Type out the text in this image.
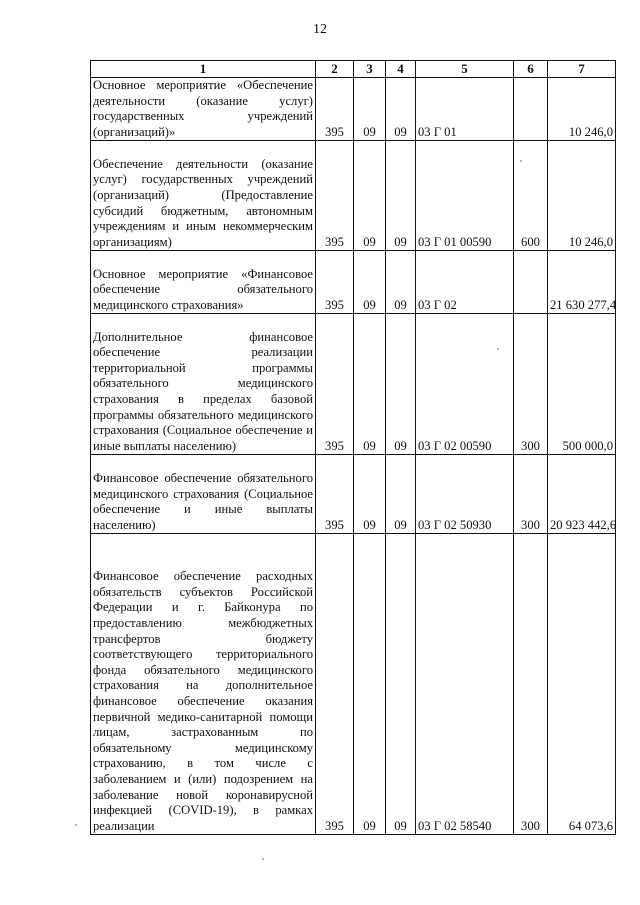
12
1	2	3	4	5	6	7
Основное мероприятие «Обеспечение деятельности (оказание услуг) государственных учреждений (организаций)»	395	09	09	03 Г 01		10 246,0
Обеспечение деятельности (оказание услуг) государственных учреждений (организаций) (Предоставление субсидий бюджетным, автономным учреждениям и иным некоммерческим организациям)	395	09	09	03 Г 01 00590	600	10 246,0
Основное мероприятие «Финансовое обеспечение обязательного медицинского страхования»	395	09	09	03 Г 02		21 630 277,4
Дополнительное финансовое обеспечение реализации территориальной программы обязательного медицинского страхования в пределах базовой программы обязательного медицинского страхования (Социальное обеспечение и иные выплаты населению)	395	09	09	03 Г 02 00590	300	500 000,0
Финансовое обеспечение обязательного медицинского страхования (Социальное обеспечение и иные выплаты населению)	395	09	09	03 Г 02 50930	300	20 923 442,6
Финансовое обеспечение расходных обязательств субъектов Российской Федерации и г. Байконура по предоставлению межбюджетных трансфертов бюджету соответствующего территориального фонда обязательного медицинского страхования на дополнительное финансовое обеспечение оказания первичной медико-санитарной помощи лицам, застрахованным по обязательному медицинскому страхованию, в том числе с заболеванием и (или) подозрением на заболевание новой коронавирусной инфекцией (COVID-19), в рамках реализации	395	09	09	03 Г 02 58540	300	64 073,6
